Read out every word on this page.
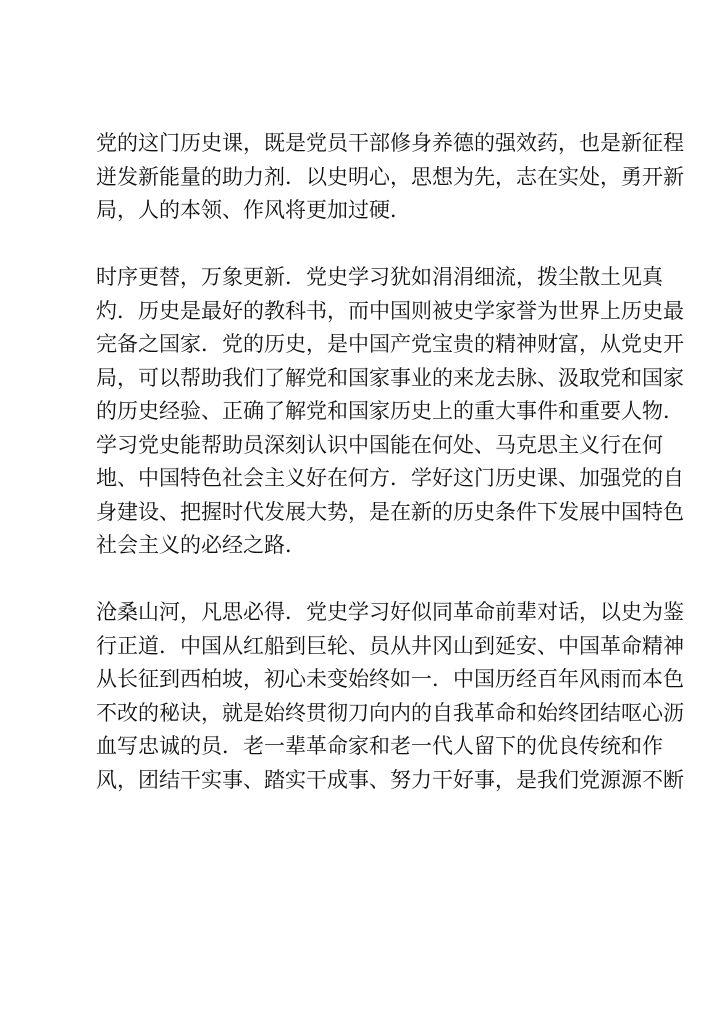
党的这门历史课，既是党员干部修身养德的强效药，也是新征程
迸发新能量的助力剂．以史明心，思想为先，志在实处，勇开新
局，人的本领、作风将更加过硬．
时序更替，万象更新．党史学习犹如涓涓细流，拨尘散土见真
灼．历史是最好的教科书，而中国则被史学家誉为世界上历史最
完备之国家．党的历史，是中国产党宝贵的精神财富，从党史开
局，可以帮助我们了解党和国家事业的来龙去脉、汲取党和国家
的历史经验、正确了解党和国家历史上的重大事件和重要人物．
学习党史能帮助员深刻认识中国能在何处、马克思主义行在何
地、中国特色社会主义好在何方．学好这门历史课、加强党的自
身建设、把握时代发展大势，是在新的历史条件下发展中国特色
社会主义的必经之路．
沧桑山河，凡思必得．党史学习好似同革命前辈对话，以史为鉴
行正道．中国从红船到巨轮、员从井冈山到延安、中国革命精神
从长征到西柏坡，初心未变始终如一．中国历经百年风雨而本色
不改的秘诀，就是始终贯彻刀向内的自我革命和始终团结呕心沥
血写忠诚的员．老一辈革命家和老一代人留下的优良传统和作
风，团结干实事、踏实干成事、努力干好事，是我们党源源不断
